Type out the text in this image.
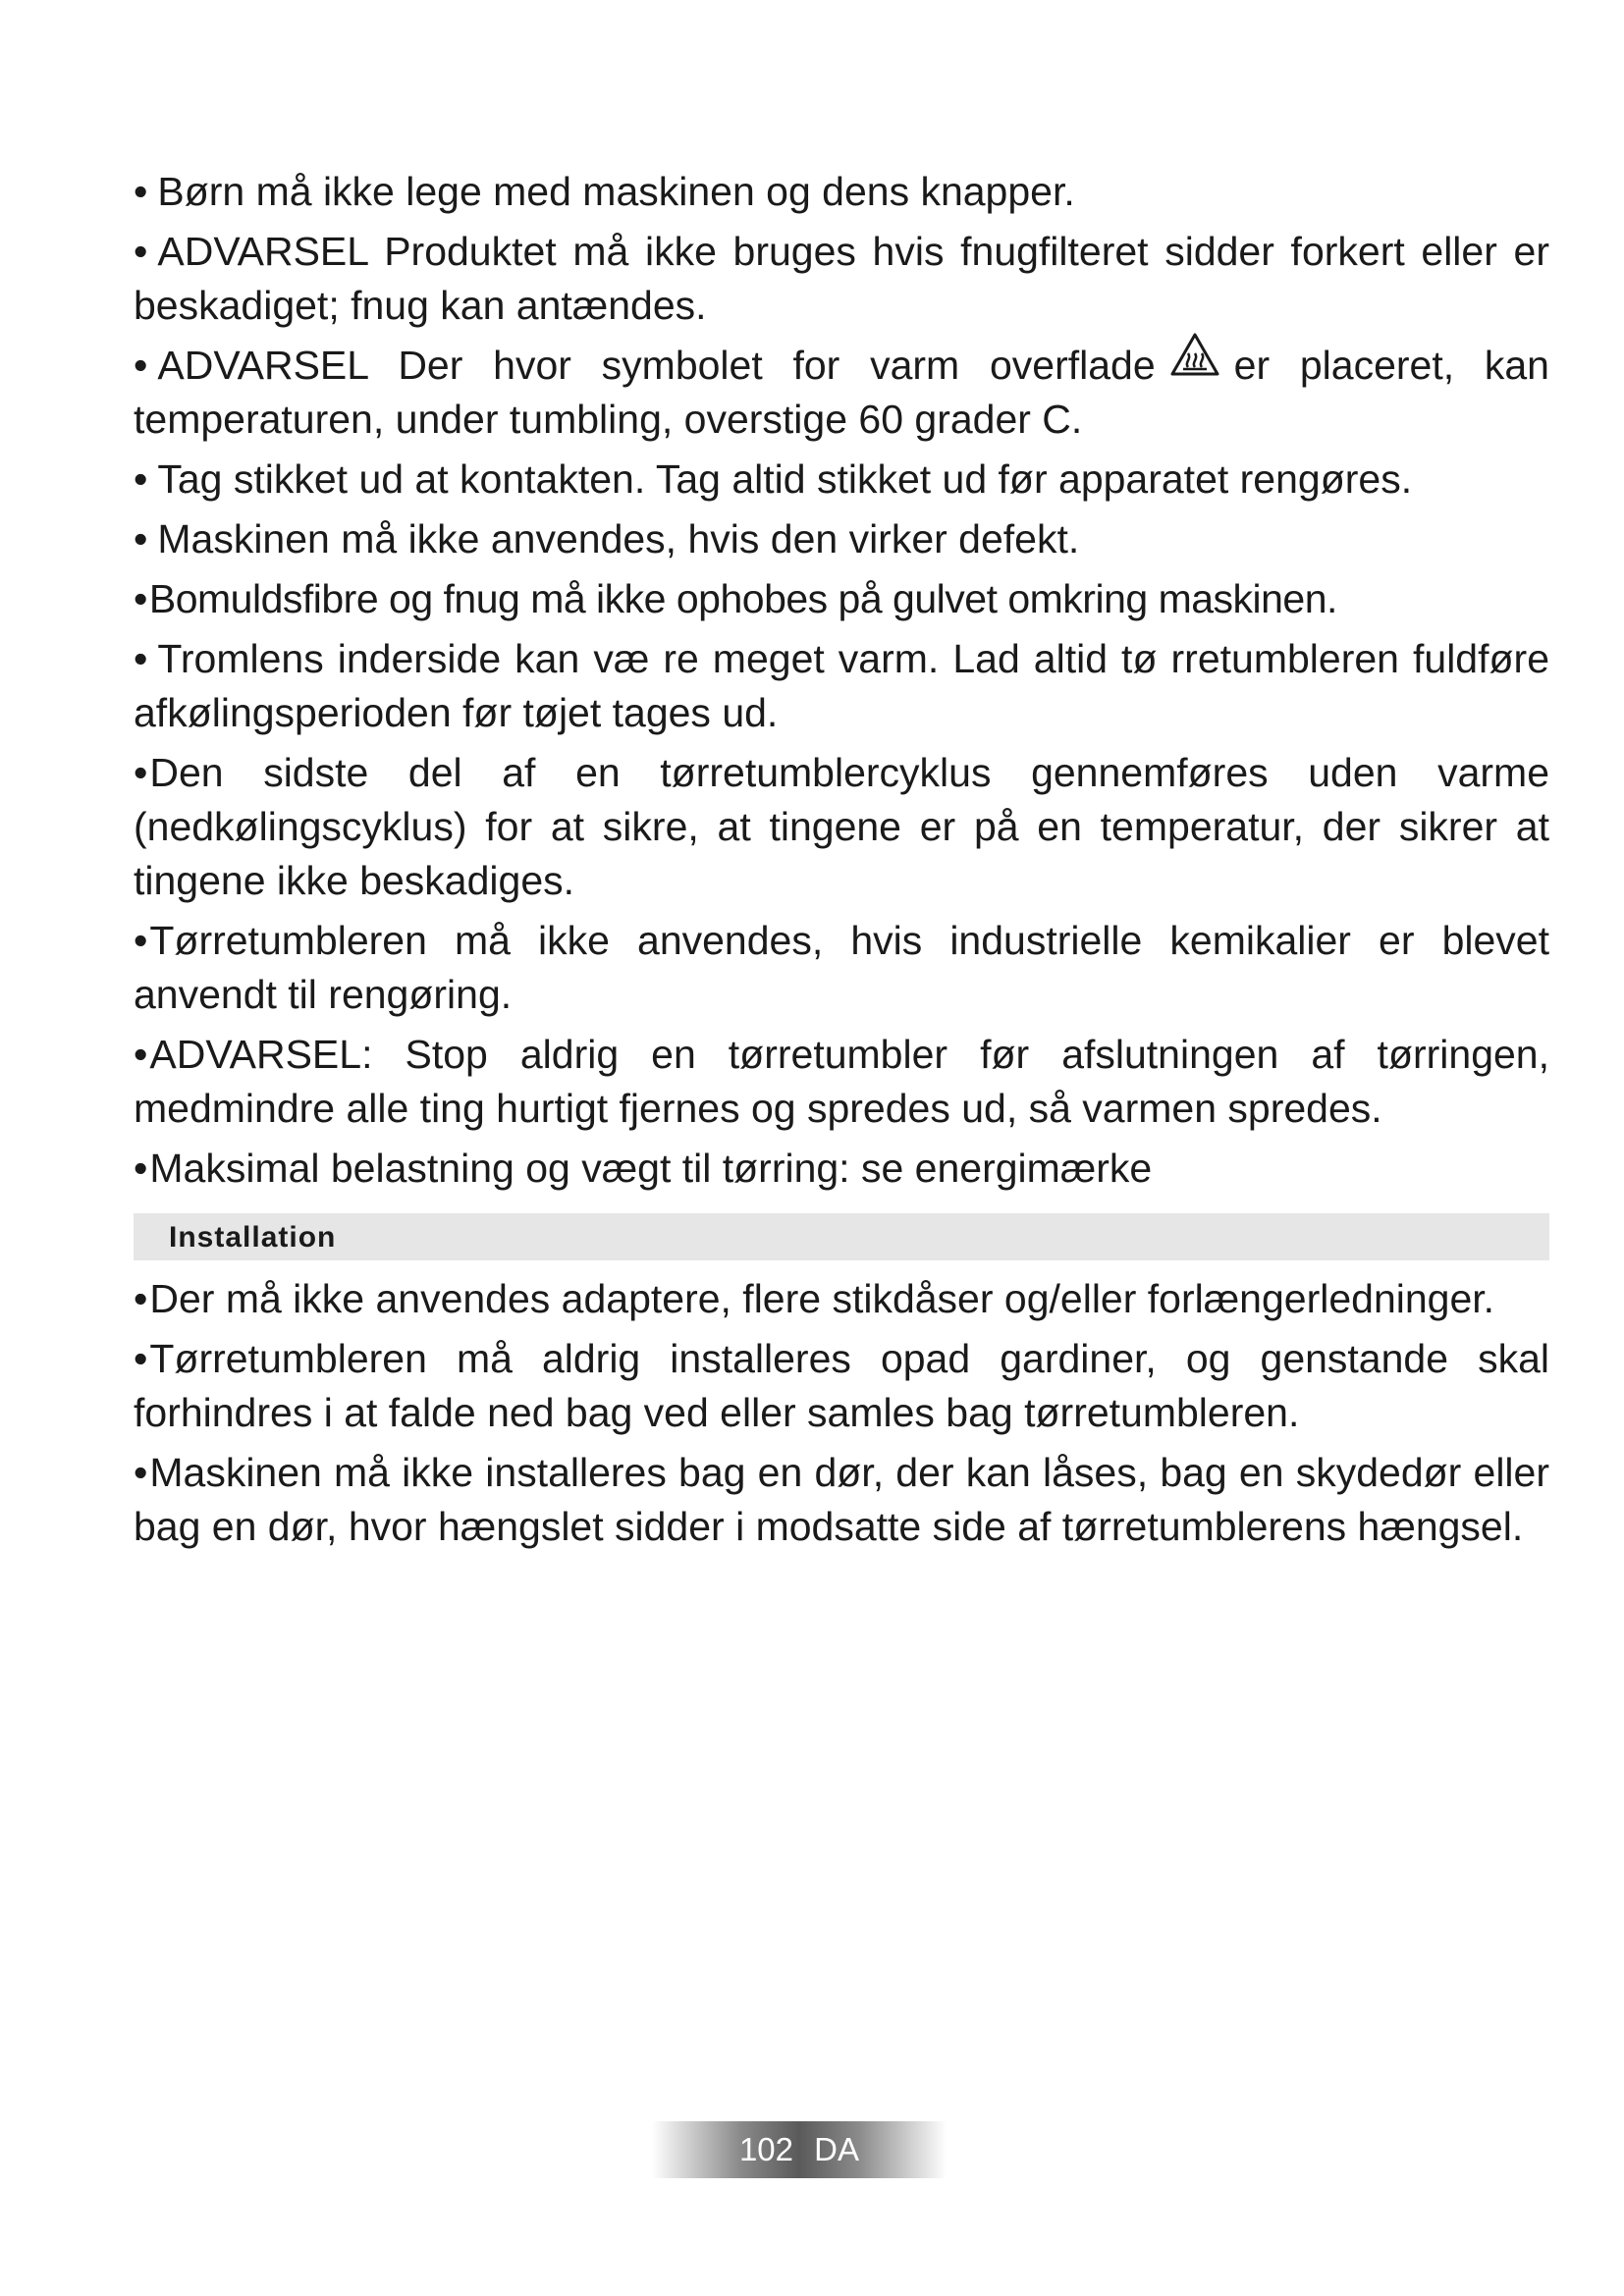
• Børn må ikke lege med maskinen og dens knapper.

• ADVARSEL Produktet må ikke bruges hvis fnugfilteret sidder forkert eller er beskadiget; fnug kan antændes.

• ADVARSEL Der hvor symbolet for varm overflade er placeret, kan temperaturen, under tumbling, overstige 60 grader C.

• Tag stikket ud at kontakten. Tag altid stikket ud før apparatet rengøres.

• Maskinen må ikke anvendes, hvis den virker defekt.

•Bomuldsfibre og fnug må ikke ophobes på gulvet omkring maskinen.

• Tromlens inderside kan væ re meget varm. Lad altid tø rretumbleren fuldføre afkølingsperioden før tøjet tages ud.

•Den sidste del af en tørretumblercyklus gennemføres uden varme (nedkølingscyklus) for at sikre, at tingene er på en temperatur, der sikrer at tingene ikke beskadiges.

•Tørretumbleren må ikke anvendes, hvis industrielle kemikalier er blevet anvendt til rengøring.

•ADVARSEL: Stop aldrig en tørretumbler før afslutningen af tørringen, medmindre alle ting hurtigt fjernes og spredes ud, så varmen spredes.

•Maksimal belastning og vægt til tørring: se energimærke

Installation

•Der må ikke anvendes adaptere, flere stikdåser og/eller forlængerledninger.

•Tørretumbleren må aldrig installeres opad gardiner, og genstande skal forhindres i at falde ned bag ved eller samles bag tørretumbleren.

•Maskinen må ikke installeres bag en dør, der kan låses, bag en skydedør eller bag en dør, hvor hængslet sidder i modsatte side af tørretumblerens hængsel.

102 DA
